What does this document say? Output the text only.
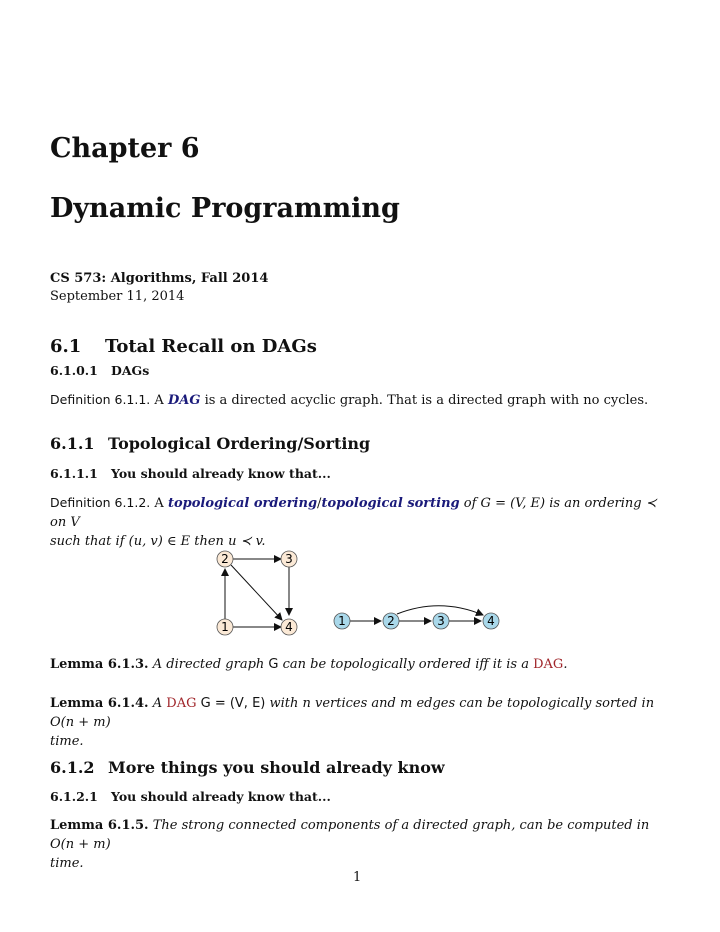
Chapter 6
Dynamic Programming
CS 573: Algorithms, Fall 2014
September 11, 2014
6.1 Total Recall on DAGs
6.1.0.1 DAGs
Definition 6.1.1. A DAG is a directed acyclic graph. That is a directed graph with no cycles.
6.1.1 Topological Ordering/Sorting
6.1.1.1 You should already know that...
Definition 6.1.2. A topological ordering/topological sorting of G = (V, E) is an ordering ≺ on V
such that if (u, v) ∈ E then u ≺ v.
2	3
1	4	1	2	3	4
Lemma 6.1.3. A directed graph G can be topologically ordered iff it is a DAG.
Lemma 6.1.4. A DAG G = (V, E) with n vertices and m edges can be topologically sorted in O(n + m)
time.
6.1.2 More things you should already know
6.1.2.1 You should already know that...
Lemma 6.1.5. The strong connected components of a directed graph, can be computed in O(n + m)
time.
1
